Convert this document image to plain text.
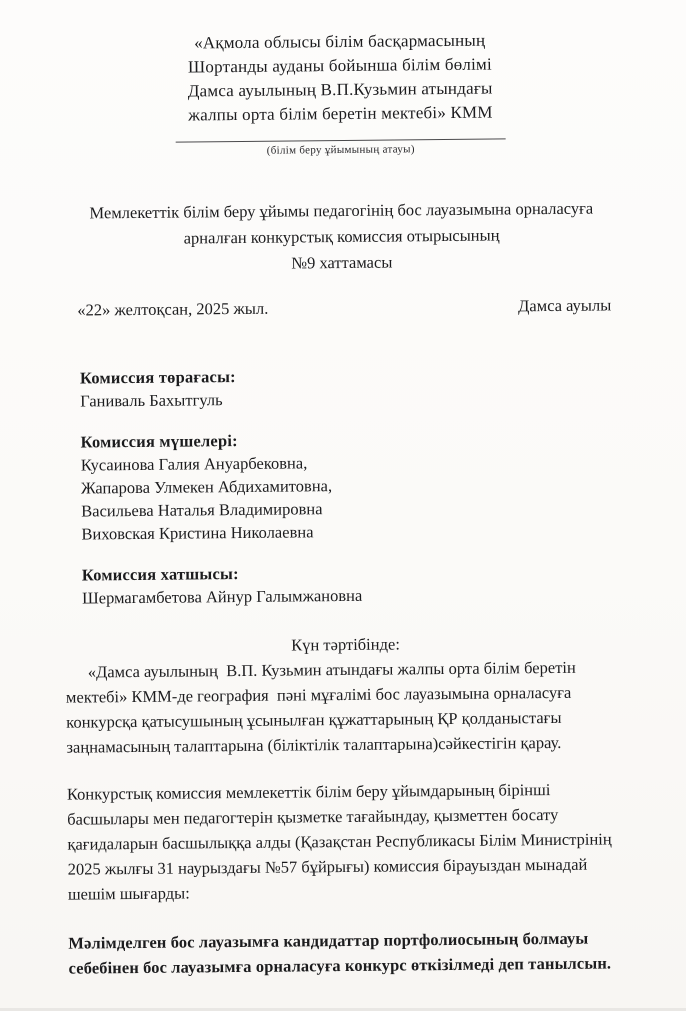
«Ақмола облысы білім басқармасының
Шортанды ауданы бойынша білім бөлімі
Дамса ауылының В.П.Кузьмин атындағы
жалпы орта білім беретін мектебі» КММ
(білім беру ұйымының атауы)
Мемлекеттік білім беру ұйымы педагогінің бос лауазымына орналасуға
арналған конкурстық комиссия отырысының
№9 хаттамасы
«22» желтоқсан, 2025 жыл.	Дамса ауылы
Комиссия төрағасы:
Ганиваль Бахытгуль
Комиссия мүшелері:
Кусаинова Галия Ануарбековна,
Жапарова Улмекен Абдихамитовна,
Васильева Наталья Владимировна
Виховская Кристина Николаевна
Комиссия хатшысы:
Шермагамбетова Айнур Галымжановна
Күн тәртібінде:
«Дамса ауылының  В.П. Кузьмин атындағы жалпы орта білім беретін мектебі» КММ-де география  пәні мұғалімі бос лауазымына орналасуға конкурсқа қатысушының ұсынылған құжаттарының ҚР қолданыстағы заңнамасының талаптарына (біліктілік талаптарына)сәйкестігін қарау.
Конкурстық комиссия мемлекеттік білім беру ұйымдарының бірінші басшылары мен педагогтерін қызметке тағайындау, қызметтен босату қағидаларын басшылыққа алды (Қазақстан Республикасы Білім Министрінің 2025 жылғы 31 наурыздағы №57 бұйрығы) комиссия бірауыздан мынадай шешім шығарды:
Мәлімделген бос лауазымға кандидаттар портфолиосының болмауы себебінен бос лауазымға орналасуға конкурс өткізілмеді деп танылсын.
